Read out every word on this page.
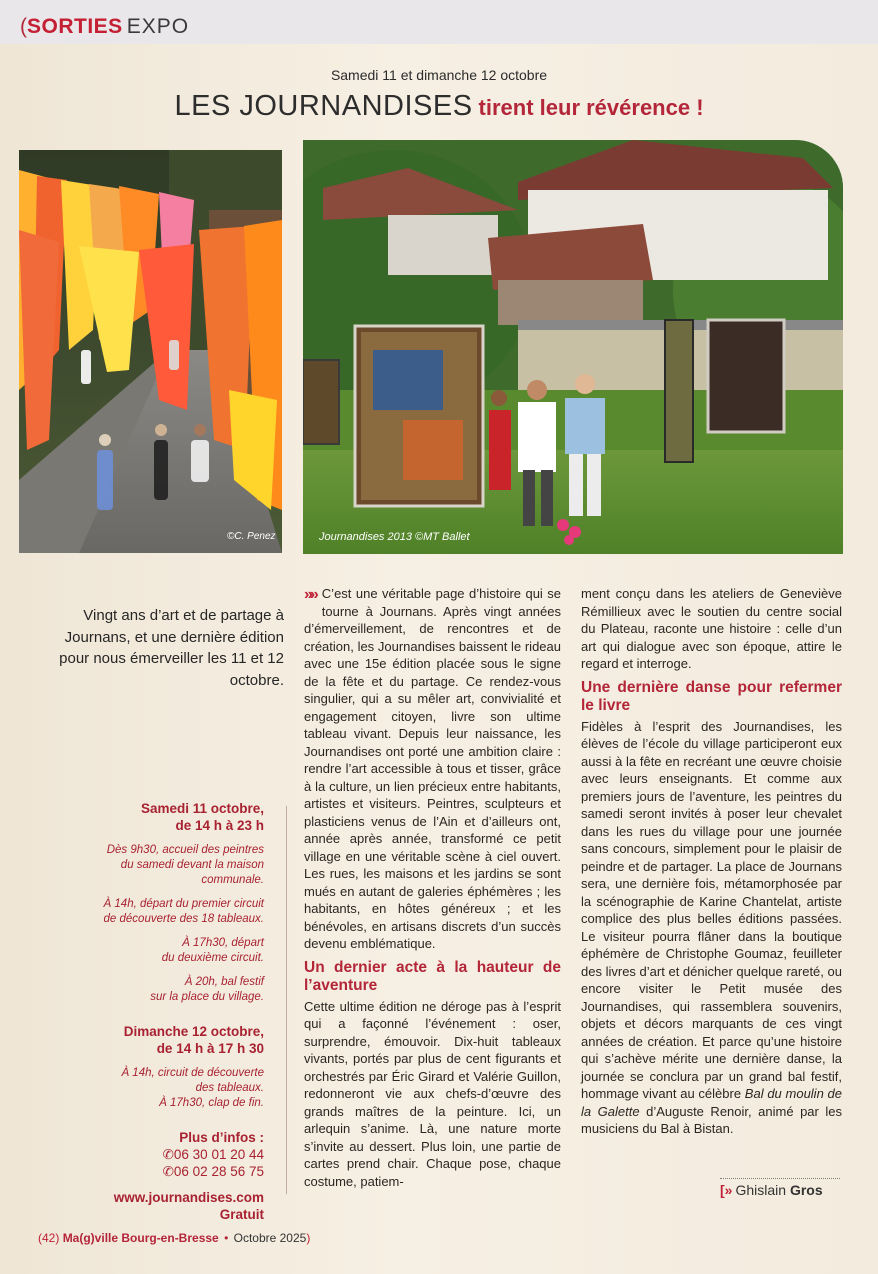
(SORTIES EXPO
Samedi 11 et dimanche 12 octobre
LES JOURNANDISES tirent leur révérence !
©C. Penez	Journandises 2013 ©MT Ballet
Vingt ans d’art et de partage à Journans, et une dernière édition pour nous émerveiller les 11 et 12 octobre.

Samedi 11 octobre,

de 14 h à 23 h

Dès 9h30, accueil des peintres

du samedi devant la maison

communale.

À 14h, départ du premier circuit

de découverte des 18 tableaux.

À 17h30, départ

du deuxième circuit.

À 20h, bal festif

sur la place du village.

Dimanche 12 octobre,

de 14 h à 17 h 30

À 14h, circuit de découverte

des tableaux.

À 17h30, clap de fin.

Plus d’infos :

✆06 30 01 20 44

✆06 02 28 56 75

www.journandises.com

Gratuit

»» C’est une véritable page d’histoire qui se tourne à Journans. Après vingt années d’émerveillement, de rencontres et de création, les Journandises baissent le rideau avec une 15e édition placée sous le signe de la fête et du partage. Ce rendez-vous singulier, qui a su mêler art, convivialité et engagement citoyen, livre son ultime tableau vivant. Depuis leur naissance, les Journandises ont porté une ambition claire : rendre l’art accessible à tous et tisser, grâce à la culture, un lien précieux entre habitants, artistes et visiteurs. Peintres, sculpteurs et plasticiens venus de l’Ain et d’ailleurs ont, année après année, transformé ce petit village en une véritable scène à ciel ouvert. Les rues, les maisons et les jardins se sont mués en autant de galeries éphémères ; les habitants, en hôtes généreux ; et les bénévoles, en artisans discrets d’un succès devenu emblématique.

Un dernier acte à la hauteur de l’aventure

Cette ultime édition ne déroge pas à l’esprit qui a façonné l’événement : oser, surprendre, émouvoir. Dix-huit tableaux vivants, portés par plus de cent figurants et orchestrés par Éric Girard et Valérie Guillon, redonneront vie aux chefs-d’œuvre des grands maîtres de la peinture. Ici, un arlequin s’anime. Là, une nature morte s’invite au dessert. Plus loin, une partie de cartes prend chair. Chaque pose, chaque costume, patiem-

ment conçu dans les ateliers de Geneviève Rémillieux avec le soutien du centre social du Plateau, raconte une histoire : celle d’un art qui dialogue avec son époque, attire le regard et interroge.

Une dernière danse pour refermer le livre

Fidèles à l’esprit des Journandises, les élèves de l’école du village participeront eux aussi à la fête en recréant une œuvre choisie avec leurs enseignants. Et comme aux premiers jours de l’aventure, les peintres du samedi seront invités à poser leur chevalet dans les rues du village pour une journée sans concours, simplement pour le plaisir de peindre et de partager. La place de Journans sera, une dernière fois, métamorphosée par la scénographie de Karine Chantelat, artiste complice des plus belles éditions passées. Le visiteur pourra flâner dans la boutique éphémère de Christophe Goumaz, feuilleter des livres d’art et dénicher quelque rareté, ou encore visiter le Petit musée des Journandises, qui rassemblera souvenirs, objets et décors marquants de ces vingt années de création. Et parce qu’une histoire qui s’achève mérite une dernière danse, la journée se conclura par un grand bal festif, hommage vivant au célèbre Bal du moulin de la Galette d’Auguste Renoir, animé par les musiciens du Bal à Bistan.

[» Ghislain Gros
(42) Ma(g)ville Bourg-en-Bresse • Octobre 2025)
